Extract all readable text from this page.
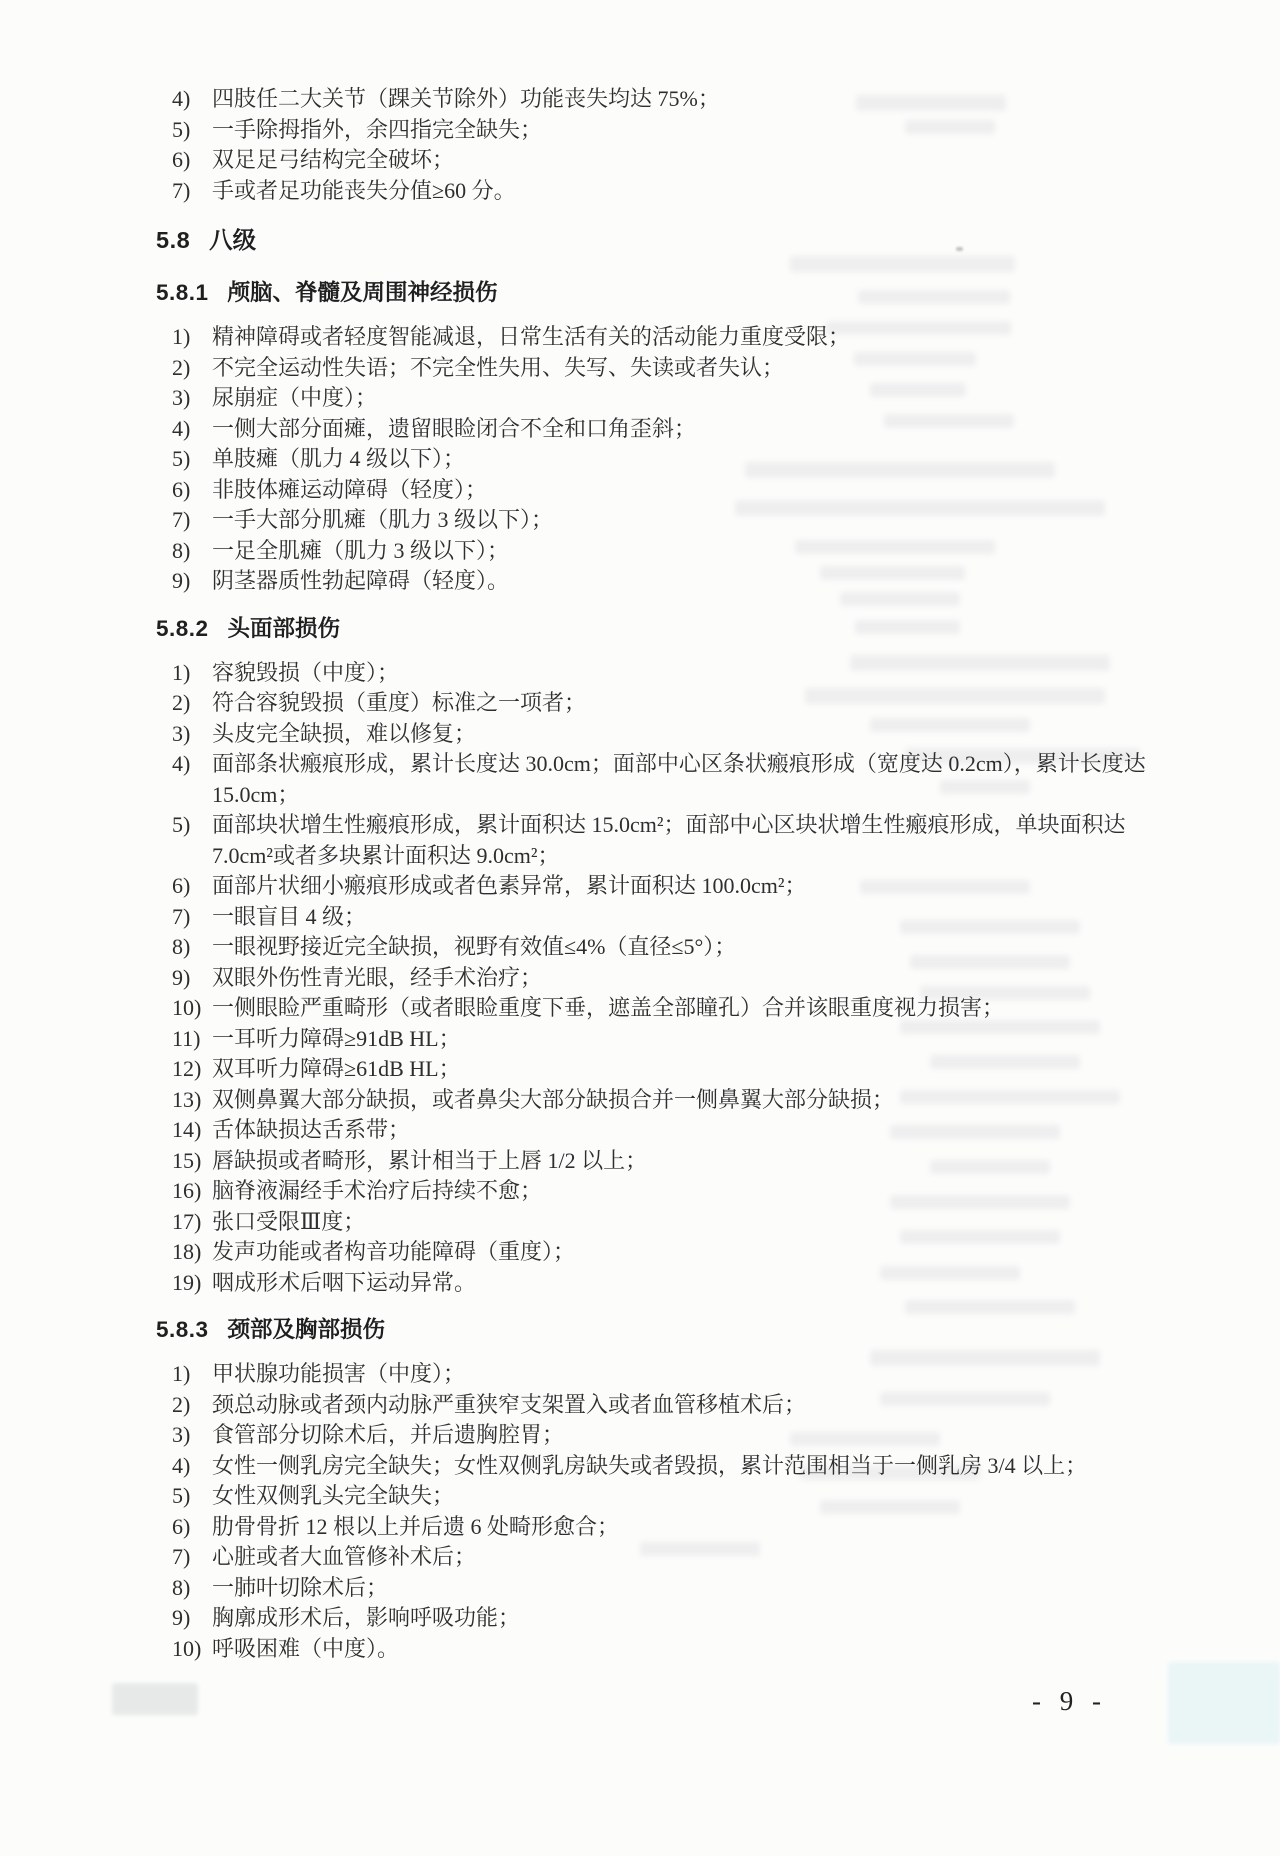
4) 四肢任二大关节（踝关节除外）功能丧失均达 75%；
5) 一手除拇指外，余四指完全缺失；
6) 双足足弓结构完全破坏；
7) 手或者足功能丧失分值≥60 分。
5.8 八级
5.8.1 颅脑、脊髓及周围神经损伤
1) 精神障碍或者轻度智能减退，日常生活有关的活动能力重度受限；
2) 不完全运动性失语；不完全性失用、失写、失读或者失认；
3) 尿崩症（中度）；
4) 一侧大部分面瘫，遗留眼睑闭合不全和口角歪斜；
5) 单肢瘫（肌力 4 级以下）；
6) 非肢体瘫运动障碍（轻度）；
7) 一手大部分肌瘫（肌力 3 级以下）；
8) 一足全肌瘫（肌力 3 级以下）；
9) 阴茎器质性勃起障碍（轻度）。
5.8.2 头面部损伤
1) 容貌毁损（中度）；
2) 符合容貌毁损（重度）标准之一项者；
3) 头皮完全缺损，难以修复；
4) 面部条状瘢痕形成，累计长度达 30.0cm；面部中心区条状瘢痕形成（宽度达 0.2cm），累计长度达 15.0cm；
5) 面部块状增生性瘢痕形成，累计面积达 15.0cm²；面部中心区块状增生性瘢痕形成，单块面积达 7.0cm²或者多块累计面积达 9.0cm²；
6) 面部片状细小瘢痕形成或者色素异常，累计面积达 100.0cm²；
7) 一眼盲目 4 级；
8) 一眼视野接近完全缺损，视野有效值≤4%（直径≤5°）；
9) 双眼外伤性青光眼，经手术治疗；
10) 一侧眼睑严重畸形（或者眼睑重度下垂，遮盖全部瞳孔）合并该眼重度视力损害；
11) 一耳听力障碍≥91dB HL；
12) 双耳听力障碍≥61dB HL；
13) 双侧鼻翼大部分缺损，或者鼻尖大部分缺损合并一侧鼻翼大部分缺损；
14) 舌体缺损达舌系带；
15) 唇缺损或者畸形，累计相当于上唇 1/2 以上；
16) 脑脊液漏经手术治疗后持续不愈；
17) 张口受限Ⅲ度；
18) 发声功能或者构音功能障碍（重度）；
19) 咽成形术后咽下运动异常。
5.8.3 颈部及胸部损伤
1) 甲状腺功能损害（中度）；
2) 颈总动脉或者颈内动脉严重狭窄支架置入或者血管移植术后；
3) 食管部分切除术后，并后遗胸腔胃；
4) 女性一侧乳房完全缺失；女性双侧乳房缺失或者毁损，累计范围相当于一侧乳房 3/4 以上；
5) 女性双侧乳头完全缺失；
6) 肋骨骨折 12 根以上并后遗 6 处畸形愈合；
7) 心脏或者大血管修补术后；
8) 一肺叶切除术后；
9) 胸廓成形术后，影响呼吸功能；
10) 呼吸困难（中度）。
- 9 -
